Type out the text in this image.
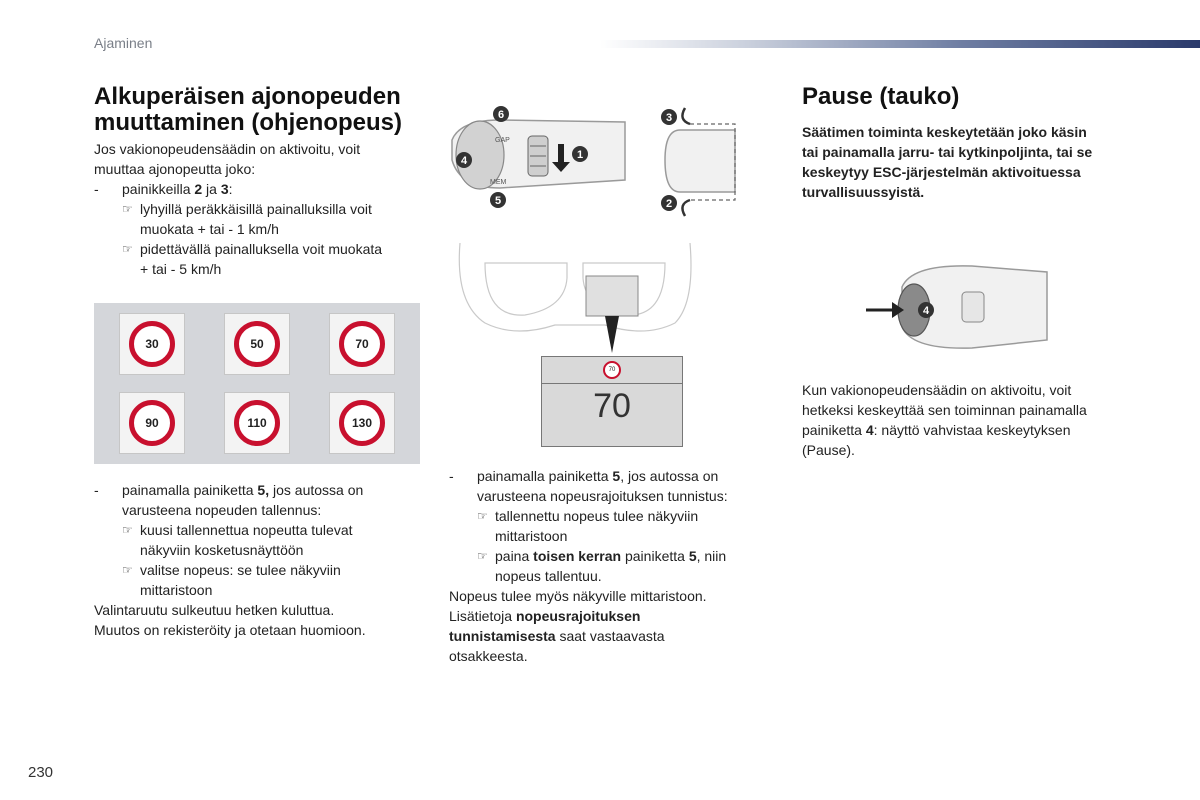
Ajaminen
Alkuperäisen ajonopeuden
muuttaminen (ohjenopeus)
Jos vakionopeudensäädin on aktivoitu, voit
muuttaa ajonopeutta joko:
- painikkeilla 2 ja 3:
☞ lyhyillä peräkkäisillä painalluksilla voit
muokata + tai - 1 km/h
☞ pidettävällä painalluksella voit muokata
+ tai - 5 km/h
30	50	70
90	110	130
- painamalla painiketta 5, jos autossa on
varusteena nopeuden tallennus:
☞ kuusi tallennettua nopeutta tulevat
näkyviin kosketusnäyttöön
☞ valitse nopeus: se tulee näkyviin
mittaristoon
Valintaruutu sulkeutuu hetken kuluttua.
Muutos on rekisteröity ja otetaan huomioon.
GAP
MEM
6
4
5
1
3
2
70
70
- painamalla painiketta 5, jos autossa on
varusteena nopeusrajoituksen tunnistus:
☞ tallennettu nopeus tulee näkyviin
mittaristoon
☞ paina toisen kerran painiketta 5, niin
nopeus tallentuu.
Nopeus tulee myös näkyville mittaristoon.
Lisätietoja nopeusrajoituksen
tunnistamisesta saat vastaavasta
otsakkeesta.
Pause (tauko)
Säätimen toiminta keskeytetään joko käsin
tai painamalla jarru- tai kytkinpoljinta, tai se
keskeytyy ESC-järjestelmän aktivoituessa
turvallisuussyistä.
4
Kun vakionopeudensäädin on aktivoitu, voit
hetkeksi keskeyttää sen toiminnan painamalla
painiketta 4: näyttö vahvistaa keskeytyksen
(Pause).
230
